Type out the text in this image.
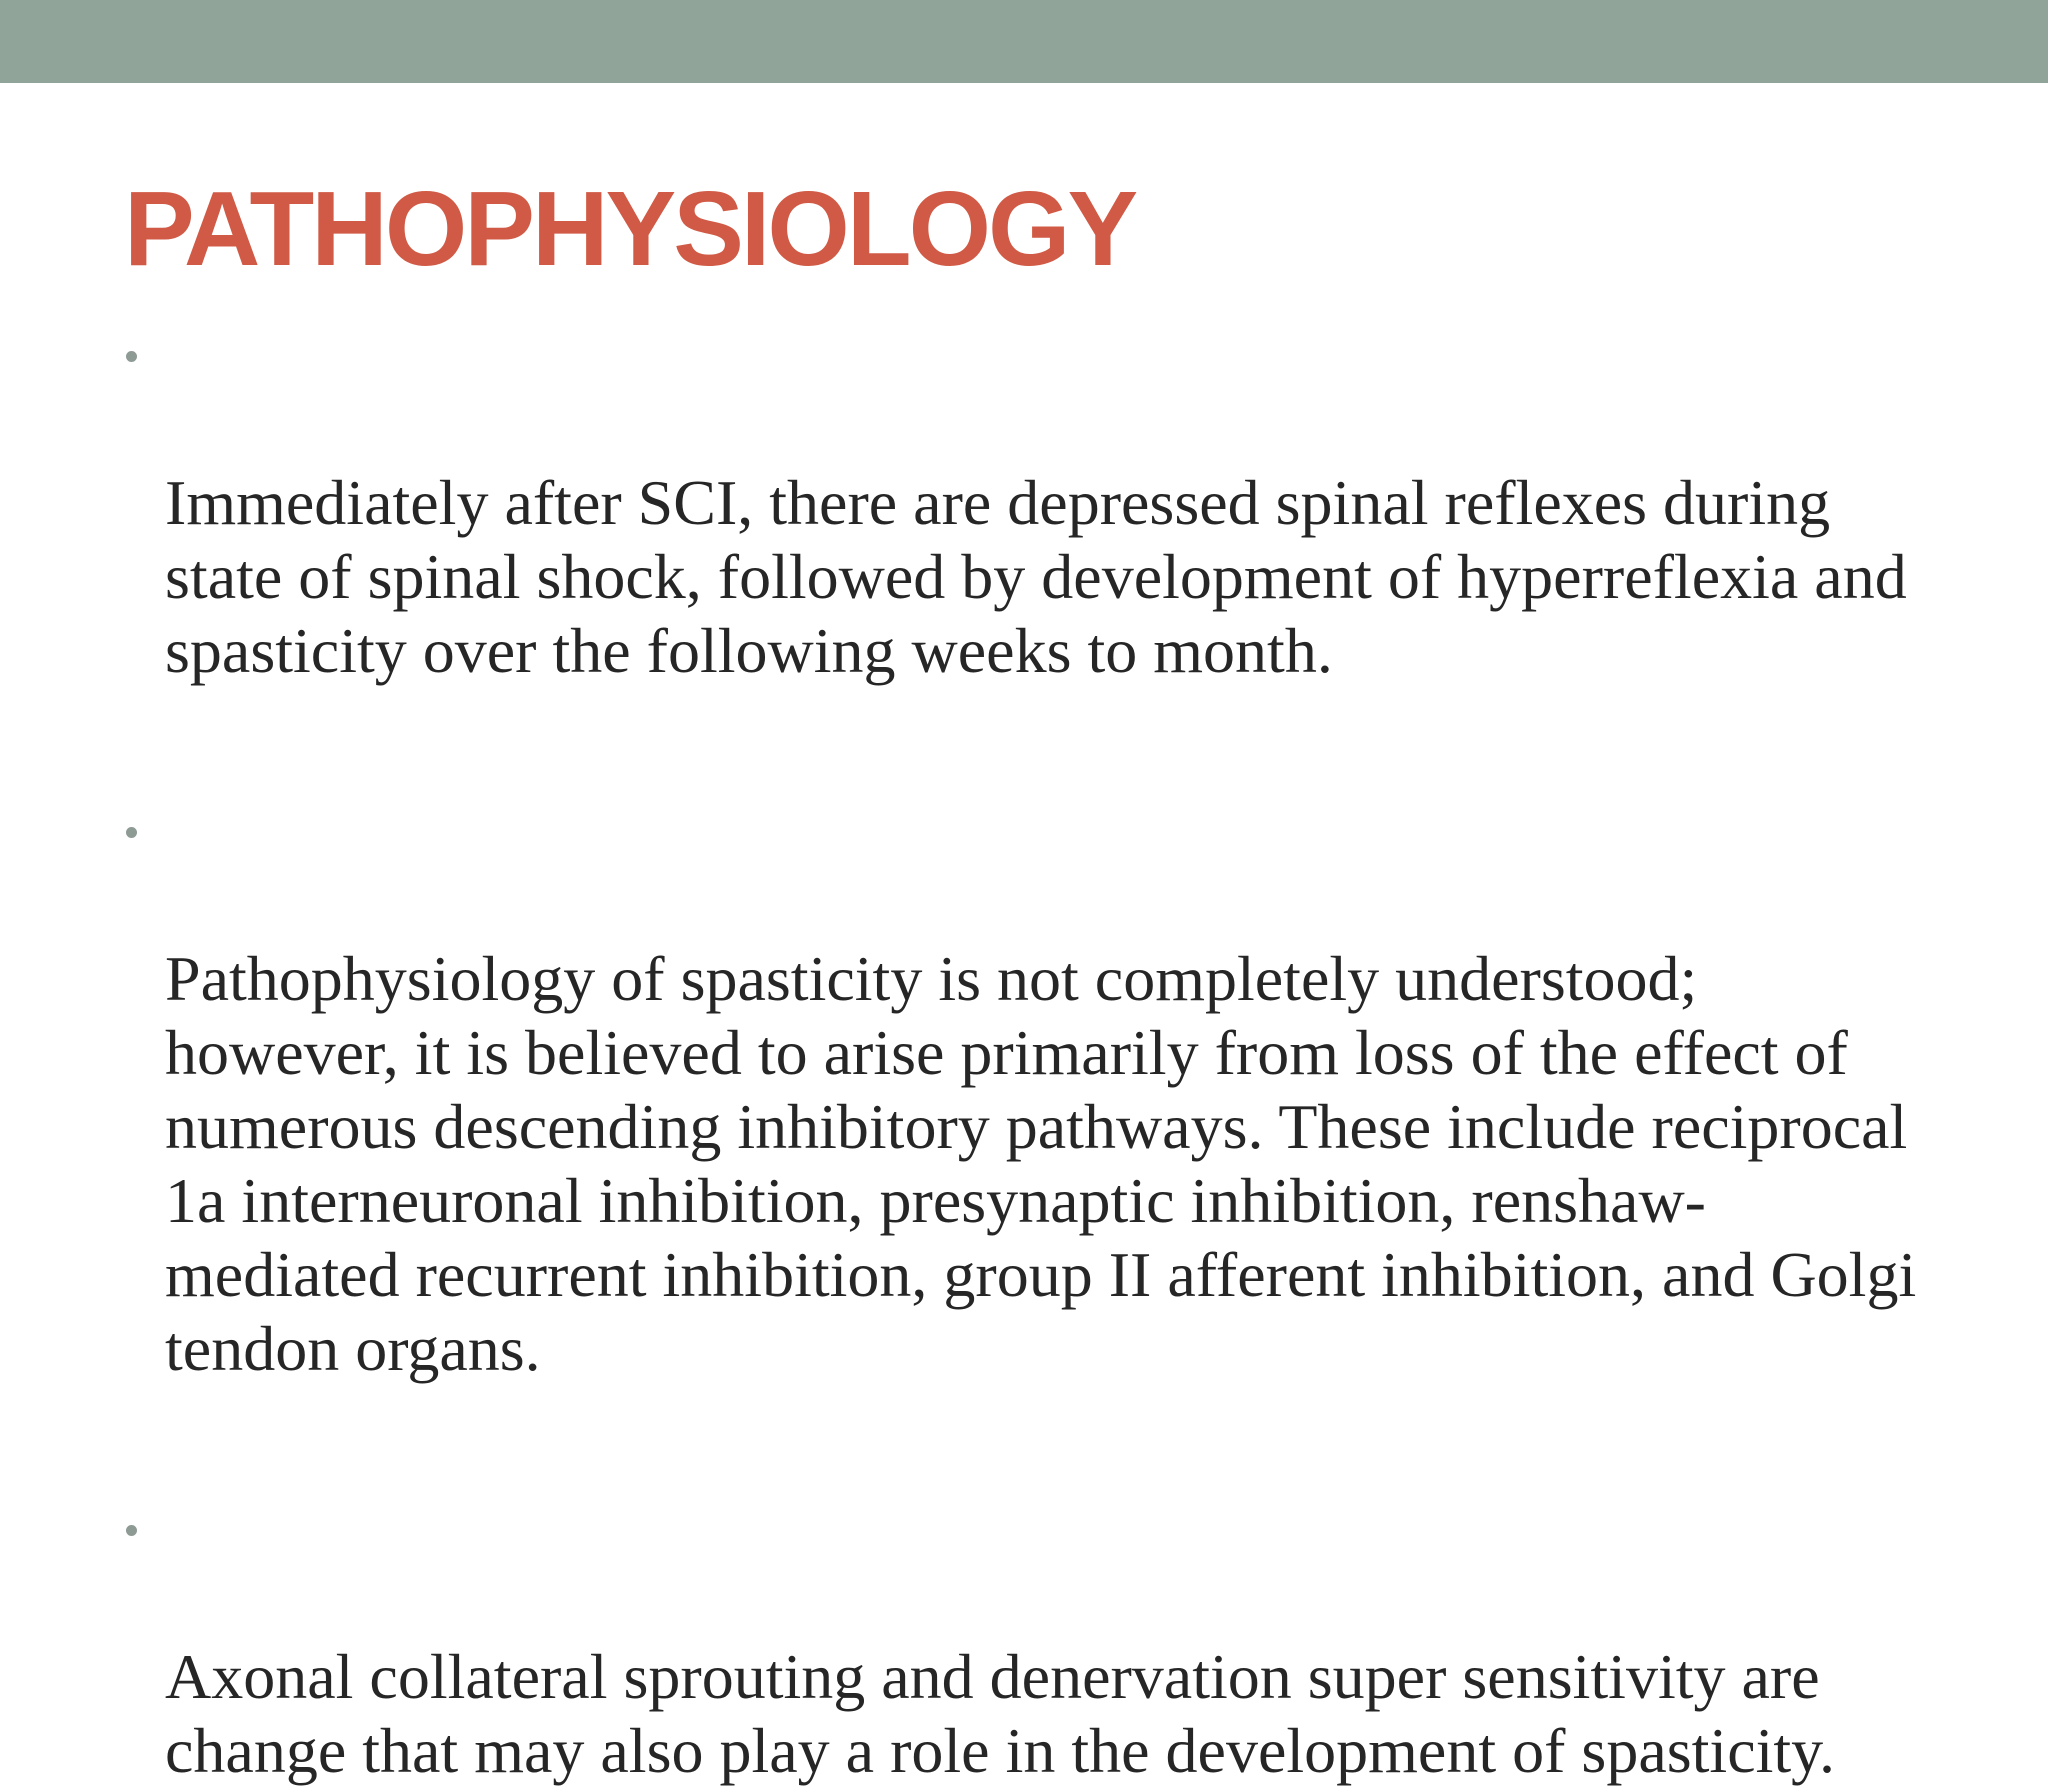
PATHOPHYSIOLOGY

Immediately after SCI, there are depressed spinal reflexes during state of spinal shock, followed by development of hyperreflexia and spasticity over the following weeks to month.

Pathophysiology of spasticity is not completely understood; however, it is believed to arise primarily from loss of the effect of numerous descending inhibitory pathways. These include reciprocal 1a interneuronal inhibition, presynaptic inhibition, renshaw-mediated recurrent inhibition, group II afferent inhibition, and Golgi tendon organs.

Axonal collateral sprouting and denervation super sensitivity are change that may also play a role in the development of spasticity.
